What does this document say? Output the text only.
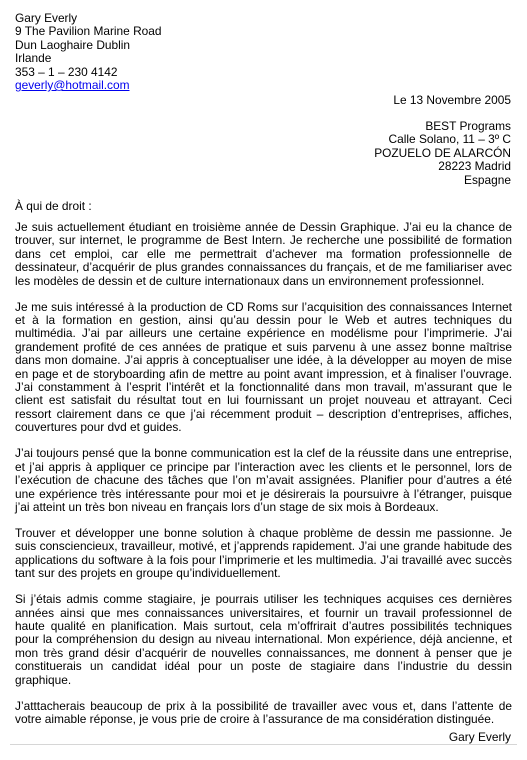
Gary Everly
9 The Pavilion Marine Road
Dun Laoghaire Dublin
Irlande
353 – 1 – 230 4142
geverly@hotmail.com
Le 13 Novembre 2005
BEST Programs
Calle Solano, 11 – 3º C
POZUELO DE ALARCÓN
28223 Madrid
Espagne
À qui de droit :

Je suis actuellement étudiant en troisième année de Dessin Graphique. J’ai eu la chance de trouver, sur internet, le programme de Best Intern. Je recherche une possibilité de formation dans cet emploi, car elle me permettrait d’achever ma formation professionnelle de dessinateur, d’acquérir de plus grandes connaissances du français, et de me familiariser avec les modèles de dessin et de culture internationaux dans un environnement professionnel.

Je me suis intéressé à la production de CD Roms sur l’acquisition des connaissances Internet et à la formation en gestion, ainsi qu’au dessin pour le Web et autres techniques du multimédia. J’ai par ailleurs une certaine expérience en modélisme pour l’imprimerie. J’ai grandement profité de ces années de pratique et suis parvenu à une assez bonne maîtrise dans mon domaine. J’ai appris à conceptualiser une idée, à la développer au moyen de mise en page et de storyboarding afin de mettre au point avant impression, et à finaliser l’ouvrage. J’ai constamment à l’esprit l’intérêt et la fonctionnalité dans mon travail, m’assurant que le client est satisfait du résultat tout en lui fournissant un projet nouveau et attrayant. Ceci ressort clairement dans ce que j’ai récemment produit – description d’entreprises, affiches, couvertures pour dvd et guides.

J’ai toujours pensé que la bonne communication est la clef de la réussite dans une entreprise, et j’ai appris à appliquer ce principe par l’interaction avec les clients et le personnel, lors de l’exécution de chacune des tâches que l’on m’avait assignées. Planifier pour d’autres a été une expérience très intéressante pour moi et je désirerais la poursuivre à l’étranger, puisque j’ai atteint un très bon niveau en français lors d’un stage de six mois à Bordeaux.

Trouver et développer une bonne solution à chaque problème de dessin me passionne. Je suis consciencieux, travailleur, motivé, et j’apprends rapidement. J’ai une grande habitude des applications du software à la fois pour l’imprimerie et les multimedia. J’ai travaillé avec succès tant sur des projets en groupe qu’individuellement.

Si j’étais admis comme stagiaire, je pourrais utiliser les techniques acquises ces dernières années ainsi que mes connaissances universitaires, et fournir un travail professionnel de haute qualité en planification. Mais surtout, cela m’offrirait d’autres possibilités techniques pour la compréhension du design au niveau international. Mon expérience, déjà ancienne, et mon très grand désir d’acquérir de nouvelles connaissances, me donnent à penser que je constituerais un candidat idéal pour un poste de stagiaire dans l’industrie du dessin graphique.

J’atttacherais beaucoup de prix à la possibilité de travailler avec vous et, dans l’attente de votre aimable réponse, je vous prie de croire à l’assurance de ma considération distinguée.

Gary Everly
